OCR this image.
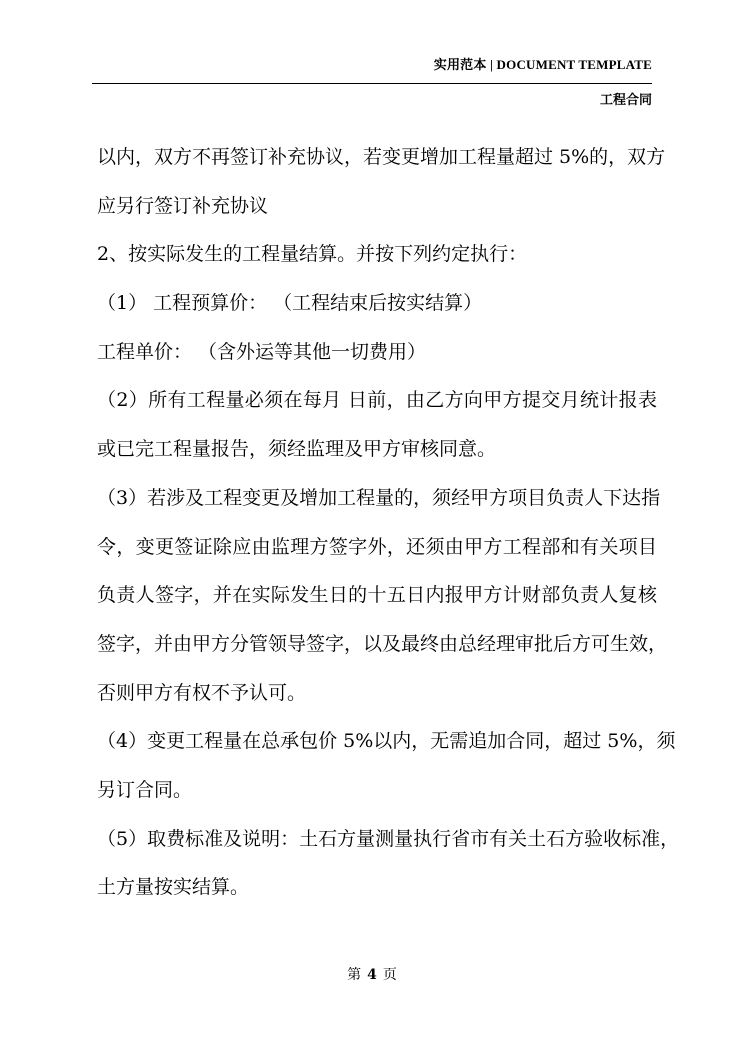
实用范本 | DOCUMENT TEMPLATE
工程合同
以内，双方不再签订补充协议，若变更增加工程量超过 5%的，双方
应另行签订补充协议
2、按实际发生的工程量结算。并按下列约定执行：
（1） 工程预算价： （工程结束后按实结算）
工程单价： （含外运等其他一切费用）
（2）所有工程量必须在每月 日前，由乙方向甲方提交月统计报表
或已完工程量报告，须经监理及甲方审核同意。
（3）若涉及工程变更及增加工程量的，须经甲方项目负责人下达指
令，变更签证除应由监理方签字外，还须由甲方工程部和有关项目
负责人签字，并在实际发生日的十五日内报甲方计财部负责人复核
签字，并由甲方分管领导签字，以及最终由总经理审批后方可生效，
否则甲方有权不予认可。
（4）变更工程量在总承包价 5%以内，无需追加合同，超过 5%，须
另订合同。
（5）取费标准及说明：土石方量测量执行省市有关土石方验收标准，
土方量按实结算。
第 4 页
